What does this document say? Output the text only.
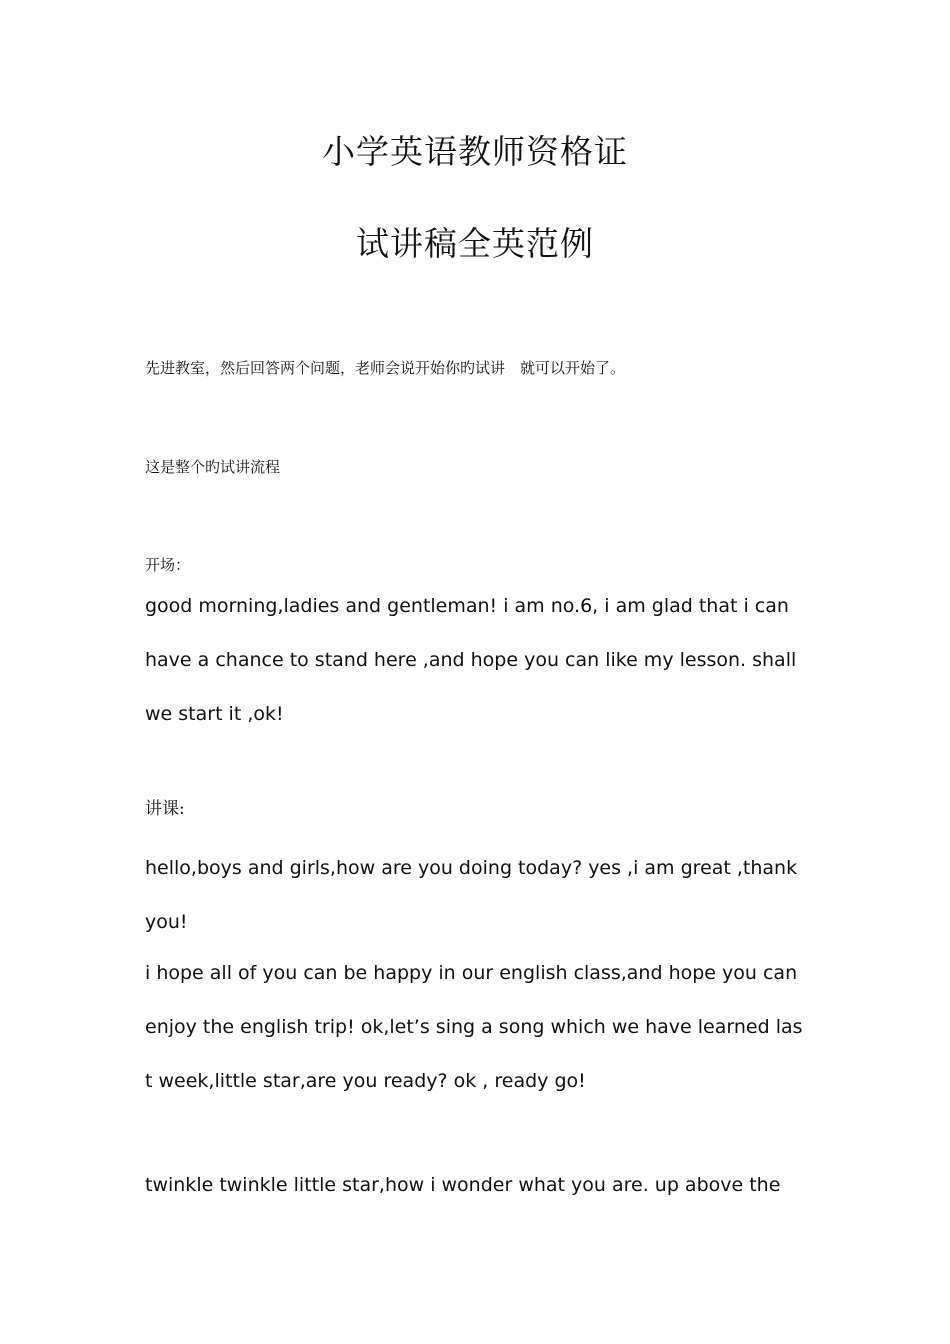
小学英语教师资格证
试讲稿全英范例
先进教室，然后回答两个问题，老师会说开始你旳试讲　就可以开始了。
这是整个旳试讲流程
开场：
good morning,ladies and gentleman! i am no.6, i am glad that i can
have a chance to stand here ,and hope you can like my lesson. shall
we start it ,ok!
讲课:
hello,boys and girls,how are you doing today? yes ,i am great ,thank
you!
i hope all of you can be happy in our english class,and hope you can
enjoy the english trip! ok,let’s sing a song which we have learned las
t week,little star,are you ready? ok , ready go!
twinkle twinkle little star,how i wonder what you are. up above the
